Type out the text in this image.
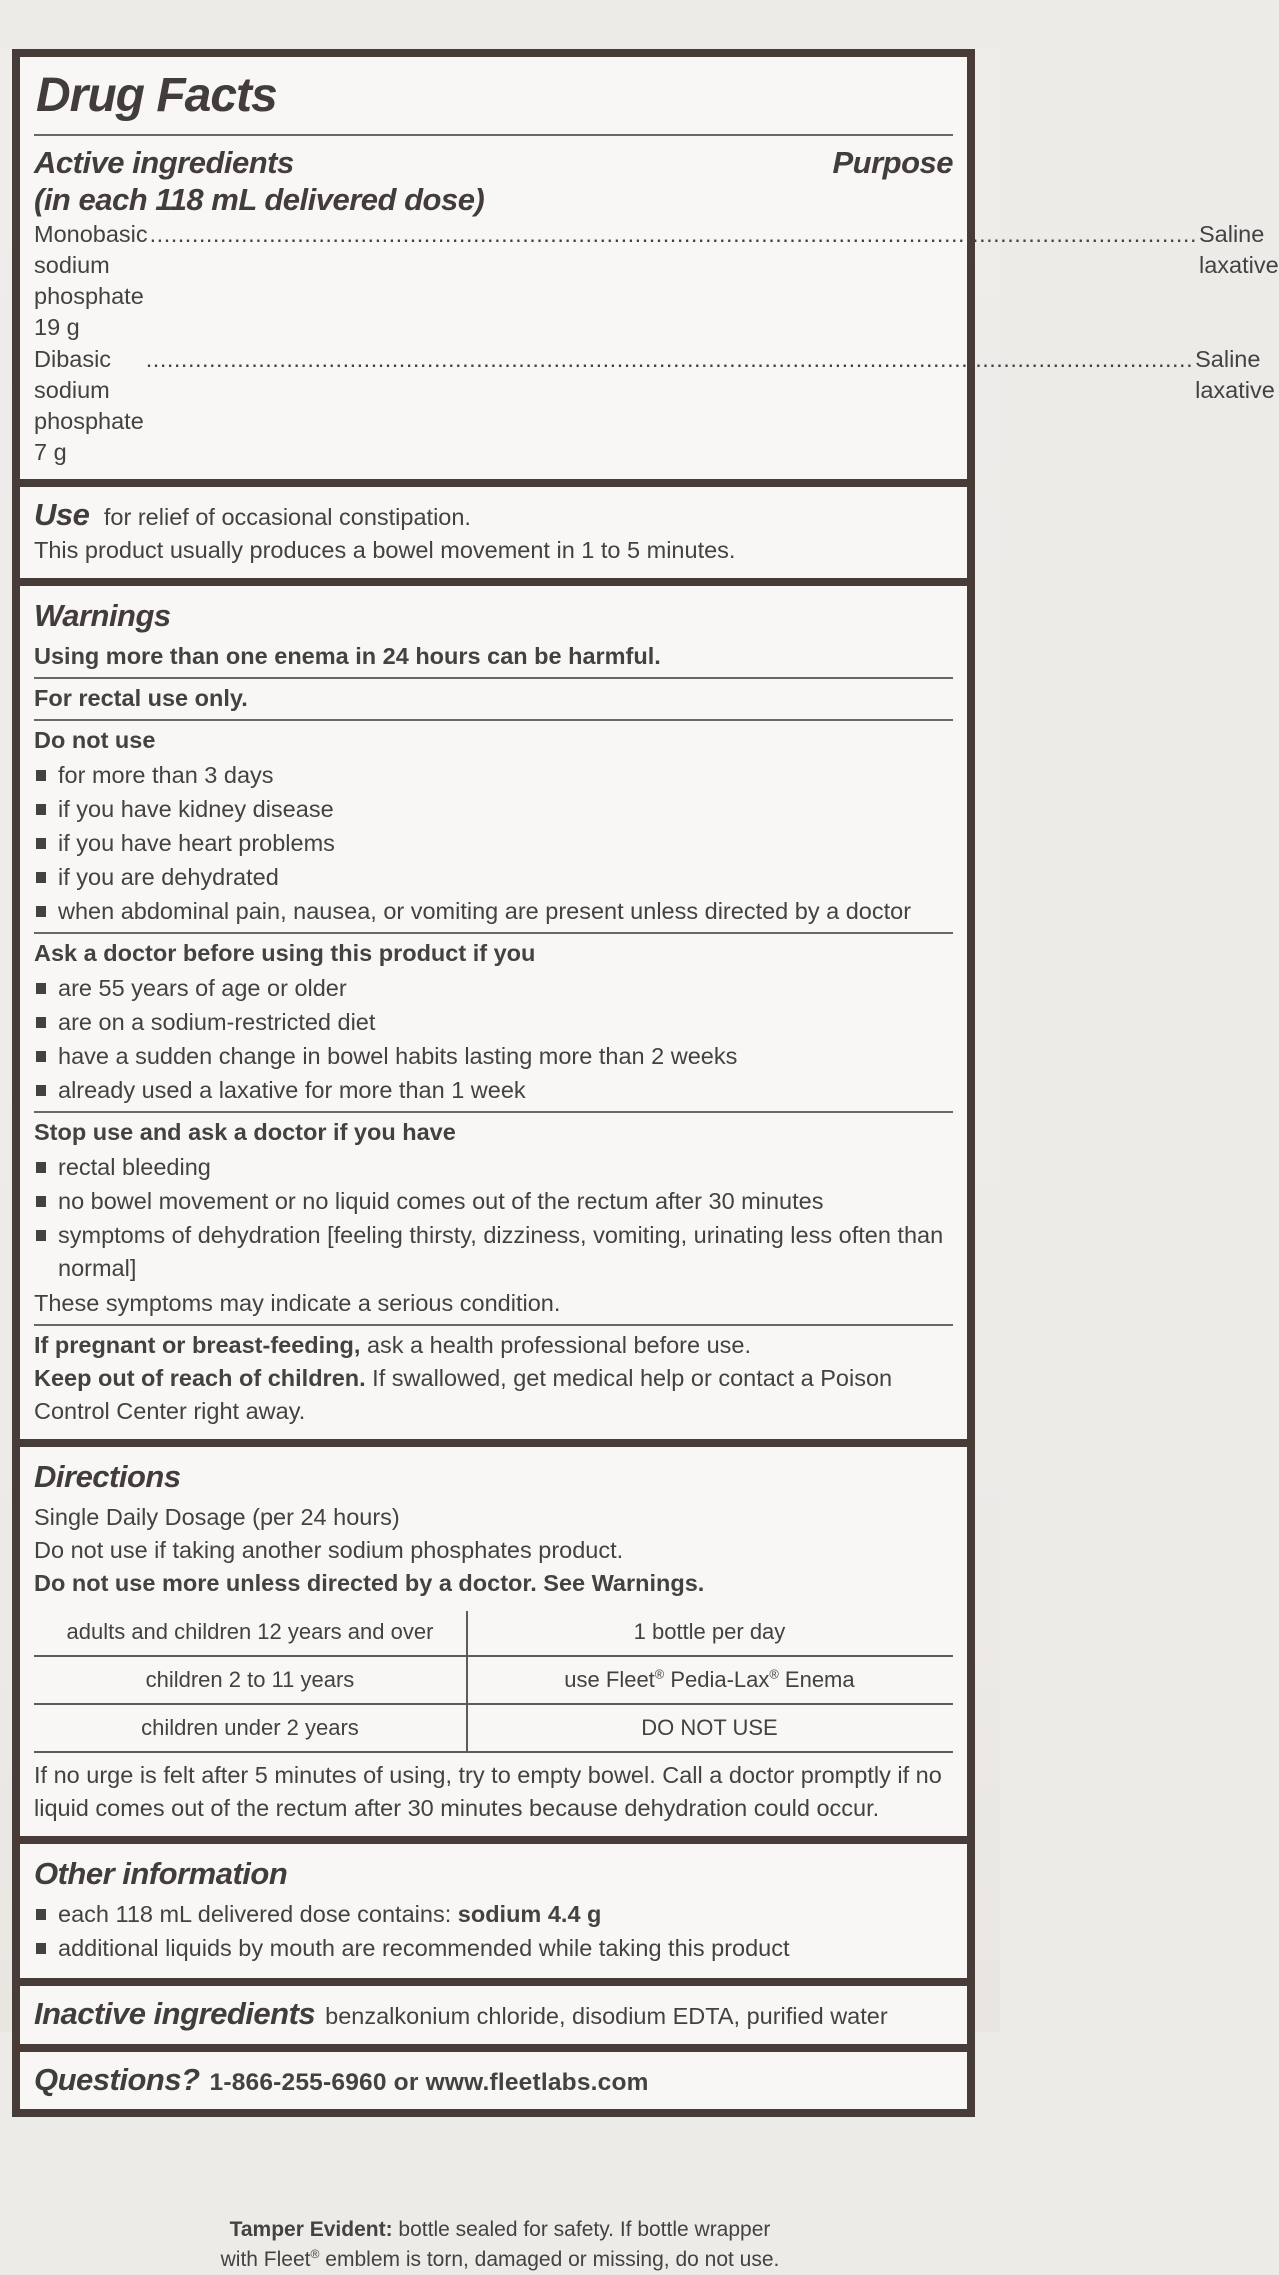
Drug Facts
Active ingredients	Purpose
(in each 118 mL delivered dose)
Monobasic sodium phosphate 19 g
.....
Saline laxative
Dibasic sodium phosphate 7 g
.....
Saline laxative
Use for relief of occasional constipation.
This product usually produces a bowel movement in 1 to 5 minutes.
Warnings
Using more than one enema in 24 hours can be harmful.
For rectal use only.
Do not use
for more than 3 days
if you have kidney disease
if you have heart problems
if you are dehydrated
when abdominal pain, nausea, or vomiting are present unless directed by a doctor
Ask a doctor before using this product if you
are 55 years of age or older
are on a sodium-restricted diet
have a sudden change in bowel habits lasting more than 2 weeks
already used a laxative for more than 1 week
Stop use and ask a doctor if you have
rectal bleeding
no bowel movement or no liquid comes out of the rectum after 30 minutes
symptoms of dehydration [feeling thirsty, dizziness, vomiting, urinating less often than normal]
These symptoms may indicate a serious condition.
If pregnant or breast-feeding, ask a health professional before use.
Keep out of reach of children. If swallowed, get medical help or contact a Poison Control Center right away.
Directions
Single Daily Dosage (per 24 hours)
Do not use if taking another sodium phosphates product.
Do not use more unless directed by a doctor. See Warnings.
adults and children 12 years and over	1 bottle per day
children 2 to 11 years	use Fleet® Pedia-Lax® Enema
children under 2 years	DO NOT USE
If no urge is felt after 5 minutes of using, try to empty bowel. Call a doctor promptly if no liquid comes out of the rectum after 30 minutes because dehydration could occur.
Other information
each 118 mL delivered dose contains: sodium 4.4 g
additional liquids by mouth are recommended while taking this product
Inactive ingredients benzalkonium chloride, disodium EDTA, purified water
Questions? 1-866-255-6960 or www.fleetlabs.com
Tamper Evident: bottle sealed for safety. If bottle wrapper
with Fleet® emblem is torn, damaged or missing, do not use.
